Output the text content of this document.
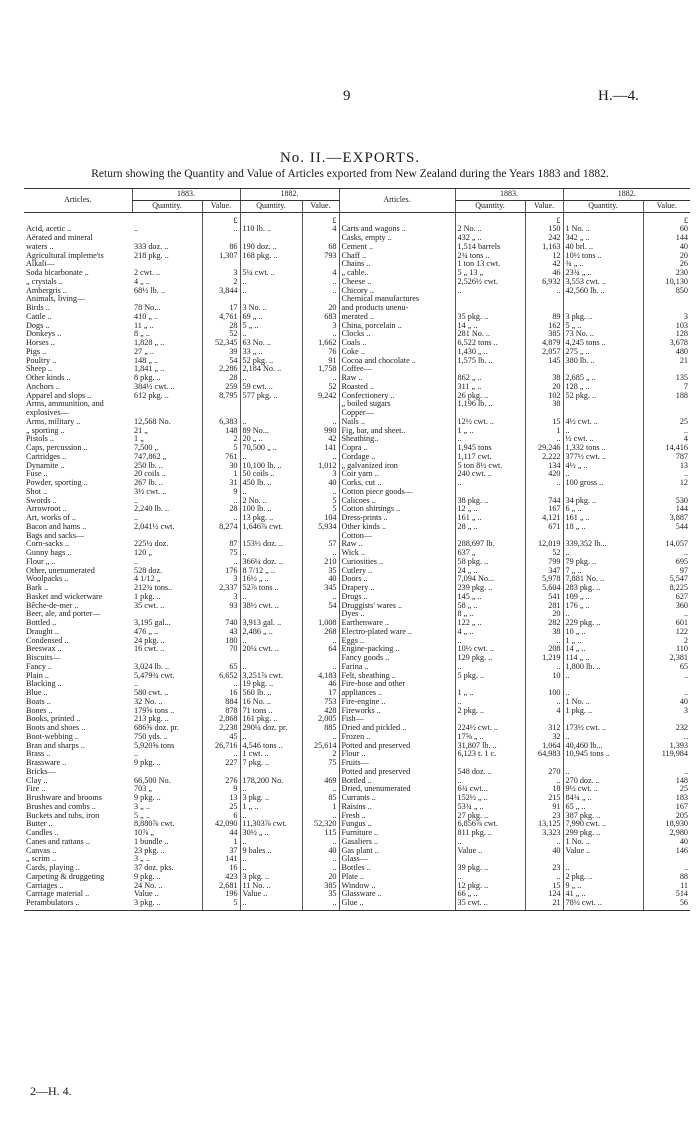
9	H.—4.
No. II.—EXPORTS.
Return showing the Quantity and Value of Articles exported from New Zealand during the Years 1883 and 1882.
Articles.	1883.		1882.		Articles.	1883.		1882.	
	Quantity.	Value.	Quantity.	Value.		Quantity.	Value.	Quantity.	Value.
		£		£			£		£
Acid, acetic ..	..	..	110 lb. ..	4	Carts and wagons ..	2 No. ..	150	1 No. ..	60
Aërated and mineral					Casks, empty ..	432 „ ..	242	342 „ ..	144
waters ..	333 doz. ..	86	190 doz. ..	68	Cement ..	1,514 barrels	1,163	40 brl. ..	40
Agricultural impleme'ts	218 pkg. ..	1,307	168 pkg. ..	793	Chaff ..	2¾ tons ..	12	10½ tons ..	20
Alkali—					Chains ..	1 ton 13 cwt.	42	¾ „ ..	26
Soda bicarbonate ..	2 cwt. ..	3	5¼ cwt. ..	4	„ cable..	5 „ 13 „	46	23¾ „ ..	230
„ crystals ..	4 „ ..	2	..	..	Cheese ..	2,526½ cwt.	6,932	3,553 cwt. ..	10,130
Ambergris ..	68½ lb. ..	3,844	..	..	Chicory ..	..	..	42,560 lb. ..	850
Animals, living—					Chemical manufactures				
Birds ..	78 No...	17	3 No. ..	20	and products unenu-				
Cattle ..	410 „ ..	4,761	69 „ ..	683	merated ..	35 pkg. ..	89	3 pkg. ..	3
Dogs ..	11 „ ..	28	5 „ ..	3	China, porcelain ..	14 „ ..	162	5 „ ..	103
Donkeys ..	8 „ ..	52	..	..	Clocks ..	281 No. ..	385	73 No. ..	128
Horses ..	1,828 „ ..	52,345	63 No. ..	1,662	Coals ..	6,522 tons ..	4,879	4,245 tons ..	3,678
Pigs ..	27 „ ..	39	33 „ ..	76	Coke ..	1,430 „ ..	2,057	275 „ ..	480
Poultry ..	148 „ ..	54	52 pkg. ..	91	Cocoa and chocolate ..	1,575 lb. ..	145	380 lb. ..	21
Sheep ..	1,841 „ ..	2,286	2,184 No. ..	1,758	Coffee—				
Other kinds ..	8 pkg. ..	28	..	..	Raw ..	862 „ ..	38	2,685 „ ..	135
Anchors ..	384½ cwt. ..	259	59 cwt. ..	52	Roasted ..	311 „ ..	20	128 „ ..	7
Apparel and slops ..	612 pkg. ..	8,795	577 pkg. ..	9,242	Confectionery ..	26 pkg. ..	102	52 pkg. ..	188
Arms, ammunition, and					„ boiled sugars	1,196 lb. ..	38		
explosives—					Copper—				
Arms, military ..	12,568 No.	6,383	..	..	Nails ..	12½ cwt. ..	15	4½ cwt. ..	25
„ sporting ..	21 „	148	89 No...	990	Fig, bar, and sheet..	1 „ ..	1	..	..
Pistols ..	1 „	2	20 „ ..	42	Sheathing..	..	..	½ cwt. ..	4
Caps, percussion ..	7,500 „	5	70,500 „ ..	141	Copra ..	1,945 tons	29,246	1,332 tons ..	14,416
Cartridges ..	747,862 „	761	..	..	Cordage ..	1,117 cwt.	2,222	377½ cwt. ..	787
Dynamite ..	250 lb. ..	30	10,100 lb. ..	1,012	„ galvanized iron	5 ton 8½ cwt.	134	4½ „ ..	13
Fuse ..	20 coils ..	1	50 coils ..	3	Coir yarn ..	240 cwt. ..	420	..	..
Powder, sporting ..	267 lb. ..	31	450 lb. ..	40	Corks, cut ..	..	..	100 gross ..	12
Shot ..	3½ cwt. ..	9	..	..	Cotton piece goods—				
Swords ..	..	..	2 No. ..	5	Calicoes ..	38 pkg. ..	744	34 pkg. ..	530
Arrowroot ..	2,240 lb. ..	28	100 lb. ..	5	Cotton shirtings ..	12 „ ..	167	6 „ ..	144
Art, works of ..	..	..	13 pkg. ..	104	Dress-prints ..	161 „ ..	4,121	161 „ ..	3,887
Bacon and hams ..	2,041½ cwt.	8,274	1,646⅞ cwt.	5,934	Other kinds ..	28 „ ..	671	18 „ ..	544
Bags and sacks—					Cotton—				
Corn-sacks ..	225¼ doz.	87	153½ doz. ..	57	Raw ..	288,697 lb.	12,019	339,352 lb...	14,057
Gunny bags ..	120 „	75	..	..	Wick ..	637 „	52	..	..
Flour „ ..	..	..	366¼ doz. ..	210	Curiosities ..	58 pkg. ..	799	79 pkg. ..	695
Other, unenumerated	528 doz.	176	8 7/12 „ ..	35	Cutlery ..	24 „ ..	347	7 „ ..	97
Woolpacks ..	4 1/12 „	3	16½ „ ..	40	Doors ..	7,094 No...	5,978	7,881 No. ..	5,547
Bark ..	212¾ tons..	2,337	52⅞ tons ..	345	Drapery ..	239 pkg. ..	5,604	283 pkg. ..	8,225
Basket and wickerware	1 pkg. ..	3	..	..	Drugs ..	145 „ ..	541	109 „ ..	627
Bêche-de-mer ..	35 cwt. ..	93	38½ cwt. ..	54	Druggists' wares ..	58 „ ..	281	176 „ ..	360
Beer, ale, and porter—					Dyes ..	8 „ ..	20	..	..
Bottled ..	3,195 gal...	740	3,913 gal. ..	1,008	Earthenware ..	122 „ ..	282	229 pkg. ..	601
Draught ..	476 „ ..	43	2,486 „ ..	268	Electro-plated ware ..	4 „ ..	38	10 „ ..	122
Condensed ..	24 pkg. ..	180	..	..	Eggs ..	..	..	1 „ ..	2
Beeswax ..	16 cwt. ..	70	20¼ cwt. ..	64	Engine-packing ..	10½ cwt. ..	208	14 „ ..	110
Biscuits—					Fancy goods ..	129 pkg. ..	1,219	114 „ ..	2,381
Fancy ..	3,024 lb. ..	65	..	..	Farina ..	..	..	1,800 lb. ..	65
Plain ..	5,479¾ cwt.	6,652	3,251⅞ cwt.	4,183	Felt, sheathing ..	5 pkg. ..	10	..	..
Blacking ..	..	..	19 pkg. ..	46	Fire-hose and other				
Blue ..	580 cwt. ..	16	560 lb. ..	17	appliances ..	1 „ ..	100	..	..
Boats ..	32 No. ..	884	16 No. ..	753	Fire-engine ..	..	..	1 No. ..	40
Bones ..	179⅝ tons ..	878	71 tons ..	428	Fireworks ..	2 pkg. ..	4	1 pkg. ..	3
Books, printed ..	213 pkg. ..	2,868	161 pkg. ..	2,005	Fish—				
Boots and shoes ..	686⅝ doz. pr.	2,238	290¼ doz. pr.	885	Dried and pickled ..	224½ cwt. ..	312	173½ cwt. ..	232
Boot-webbing ..	750 yds. ..	45	..	..	Frozen ..	17⅝ „ ..	32	..	..
Bran and sharps ..	5,920⅝ tons	26,716	4,546 tons ..	25,614	Potted and preserved	31,807 lb. ..	1,064	40,460 lb...	1,393
Brass ..	..	..	1 cwt. ..	2	Flour ..	6,123 t. 1 c.	64,983	10,945 tons ..	119,984
Brassware ..	9 pkg. ..	227	7 pkg. ..	75	Fruits—				
Bricks—					Potted and preserved	548 doz. ..	270	..	..
Clay ..	66,500 No.	276	178,200 No.	469	Bottled ..	..	..	270 doz. ..	148
Fire ..	703 „	9	..	..	Dried, unenumerated	6¾ cwt...	18	9½ cwt. ..	25
Brushware and brooms	9 pkg. ..	13	3 pkg. ..	85	Currants ..	152½ „ ..	215	84¾ „ ..	183
Brushes and combs ..	3 „ ..	25	1 „ ..	1	Raisins ..	53¾ „ ..	91	65 „ ..	167
Buckets and tubs, iron	5 „ ..	6	..	..	Fresh ..	27 pkg. ..	23	387 pkg. ..	205
Butter ..	8,880⅞ cwt.	42,090	11,303⅞ cwt.	52,320	Fungus ..	6,856⅞ cwt.	13,125	7,990 cwt. ..	18,930
Candles ..	10⅞ „	44	30½ „ ..	115	Furniture ..	811 pkg. ..	3,323	299 pkg. ..	2,980
Canes and rattans ..	1 bundle ..	1	..	..	Gasaliers ..	..	..	1 No. ..	40
Canvas ..	23 pkg. ..	37	9 bales ..	40	Gas plant ..	Value ..	40	Value ..	146
„ scrim ..	3 „ ..	141	..	..	Glass—				
Cards, playing ..	37 doz. pks.	16	..	..	Bottles ..	39 pkg. ..	23	..	..
Carpeting & druggeting	9 pkg. ..	423	3 pkg. ..	20	Plate ..	..	..	2 pkg. ..	88
Carriages ..	24 No. ..	2,681	11 No. ..	385	Window ..	12 pkg. ..	15	9 „ ..	11
Carriage material ..	Value ..	196	Value ..	35	Glassware ..	66 „ ..	124	41 „ ..	514
Perambulators ..	3 pkg. ..	5	..	..	Glue ..	35 cwt. ..	21	78½ cwt. ..	56
2—H. 4.
